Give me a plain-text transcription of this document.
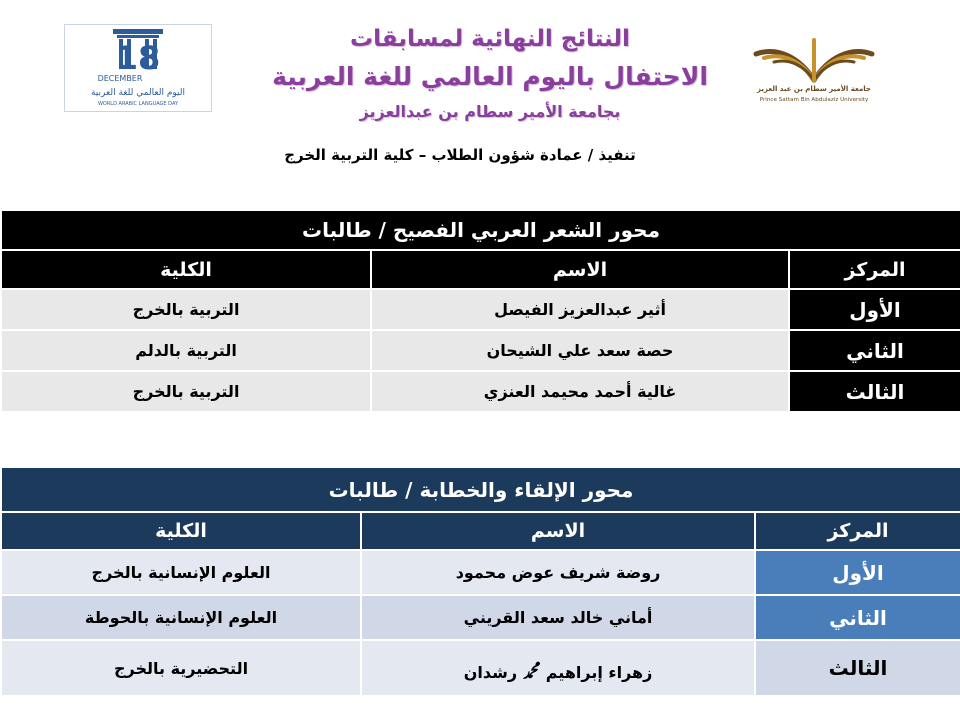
18
DECEMBER
اليوم العالمي للغة العربية
WORLD ARABIC LANGUAGE DAY
جامعة الأمير سطام بن عبد العزيز
Prince Sattam Bin Abdulaziz University
النتائج النهائية لمسابقات
الاحتفال باليوم العالمي للغة العربية
بجامعة الأمير سطام بن عبدالعزيز
تنفيذ / عمادة شؤون الطلاب – كلية التربية الخرج
محور الشعر العربي الفصيح / طالبات		
المركز	الاسم	الكلية
الأول	أثير عبدالعزيز الفيصل	التربية بالخرج
الثاني	حصة سعد علي الشيحان	التربية بالدلم
الثالث	غالية أحمد محيمد العنزي	التربية بالخرج
محور الإلقاء والخطابة / طالبات		
المركز	الاسم	الكلية
الأول	روضة شريف عوض محمود	العلوم الإنسانية بالخرج
الثاني	أماني خالد سعد القريني	العلوم الإنسانية بالحوطة
الثالث	زهراء إبراهيم ﷴ رشدان	التحضيرية بالخرج
